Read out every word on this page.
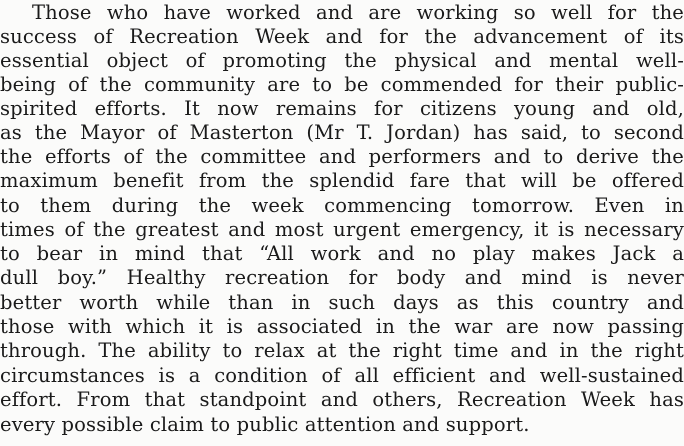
Those who have worked and are working so well for the
success of Recreation Week and for the advancement of its
essential object of promoting the physical and mental well-
being of the community are to be commended for their public-
spirited efforts. It now remains for citizens young and old,
as the Mayor of Masterton (Mr T. Jordan) has said, to second
the efforts of the committee and performers and to derive the
maximum benefit from the splendid fare that will be offered
to them during the week commencing tomorrow. Even in
times of the greatest and most urgent emergency, it is necessary
to bear in mind that “All work and no play makes Jack a
dull boy.” Healthy recreation for body and mind is never
better worth while than in such days as this country and
those with which it is associated in the war are now passing
through. The ability to relax at the right time and in the right
circumstances is a condition of all efficient and well-sustained
effort. From that standpoint and others, Recreation Week has
every possible claim to public attention and support.
